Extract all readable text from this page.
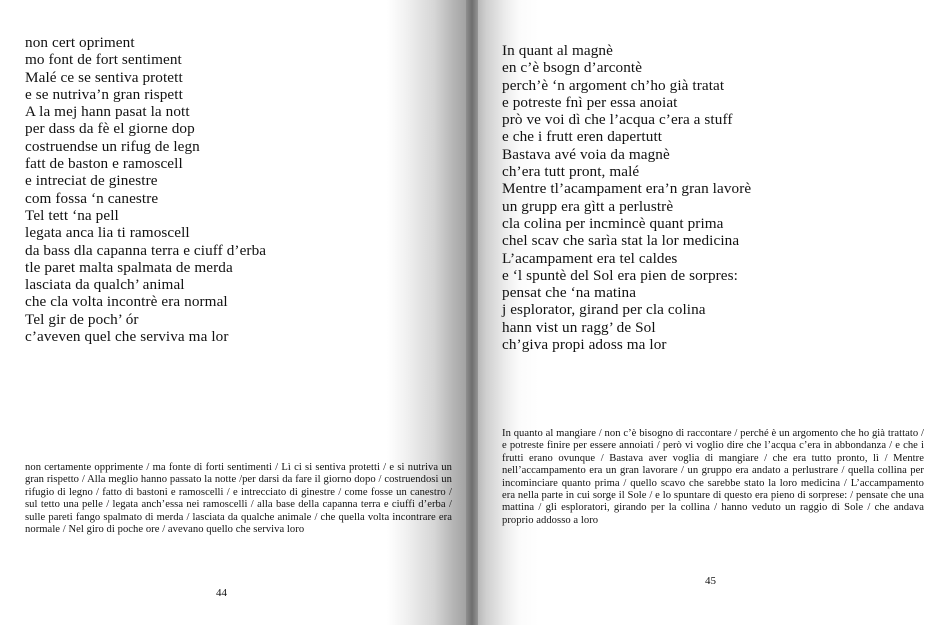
non cert opriment
mo font de fort sentiment
Malé ce se sentiva protett
e se nutriva’n gran rispett
A la mej hann pasat la nott
per dass da fè el giorne dop
costruendse un rifug de legn
fatt de baston e ramoscell
e intreciat de ginestre
com fossa ‘n canestre
Tel tett ‘na pell
legata anca lia ti ramoscell
da bass dla capanna terra e ciuff d’erba
tle paret malta spalmata de merda
lasciata da qualch’ animal
che cla volta incontrè era normal
Tel gir de poch’ ór
c’aveven quel che serviva ma lor

non certamente opprimente / ma fonte di forti sentimenti / Lì ci si sentiva protetti / e si nutriva un gran rispetto / Alla meglio hanno passato la notte /per darsi da fare il giorno dopo / costruendosi un rifugio di legno / fatto di bastoni e ramoscelli / e intrecciato di ginestre / come fosse un canestro / sul tetto una pelle / legata anch’essa nei ramoscelli / alla base della capanna terra e ciuffi d’erba / sulle pareti fango spalmato di merda / lasciata da qualche animale / che quella volta incontrare era normale / Nel giro di poche ore / avevano quello che serviva loro

44
In quant al magnè
en c’è bsogn d’arcontè
perch’è ‘n argoment ch’ho già tratat
e potreste fnì per essa anoiat
prò ve voi dì che l’acqua c’era a stuff
e che i frutt eren dapertutt
Bastava avé voia da magnè
ch’era tutt pront, malé
Mentre tl’acampament era’n gran lavorè
un grupp era gìtt a perlustrè
cla colina per incmincè quant prima
chel scav che sarìa stat la lor medicina
L’acampament era tel caldes
e ‘l spuntè del Sol era pien de sorpres:
pensat che ‘na matina
j esplorator, girand per cla colina
hann vist un ragg’ de Sol
ch’giva propi adoss ma lor

In quanto al mangiare / non c’è bisogno di raccontare / perché è un argomento che ho già trattato / e potreste finire per essere annoiati / però vi voglio dire che l’acqua c’era in abbondanza / e che i frutti erano ovunque / Bastava aver voglia di mangiare / che era tutto pronto, lì / Mentre nell’accampamento era un gran lavorare / un gruppo era andato a perlustrare / quella collina per incominciare quanto prima / quello scavo che sarebbe stato la loro medicina / L’accampamento era nella parte in cui sorge il Sole / e lo spuntare di questo era pieno di sorprese: / pensate che una mattina / gli esploratori, girando per la collina / hanno veduto un raggio di Sole / che andava proprio addosso a loro

45
